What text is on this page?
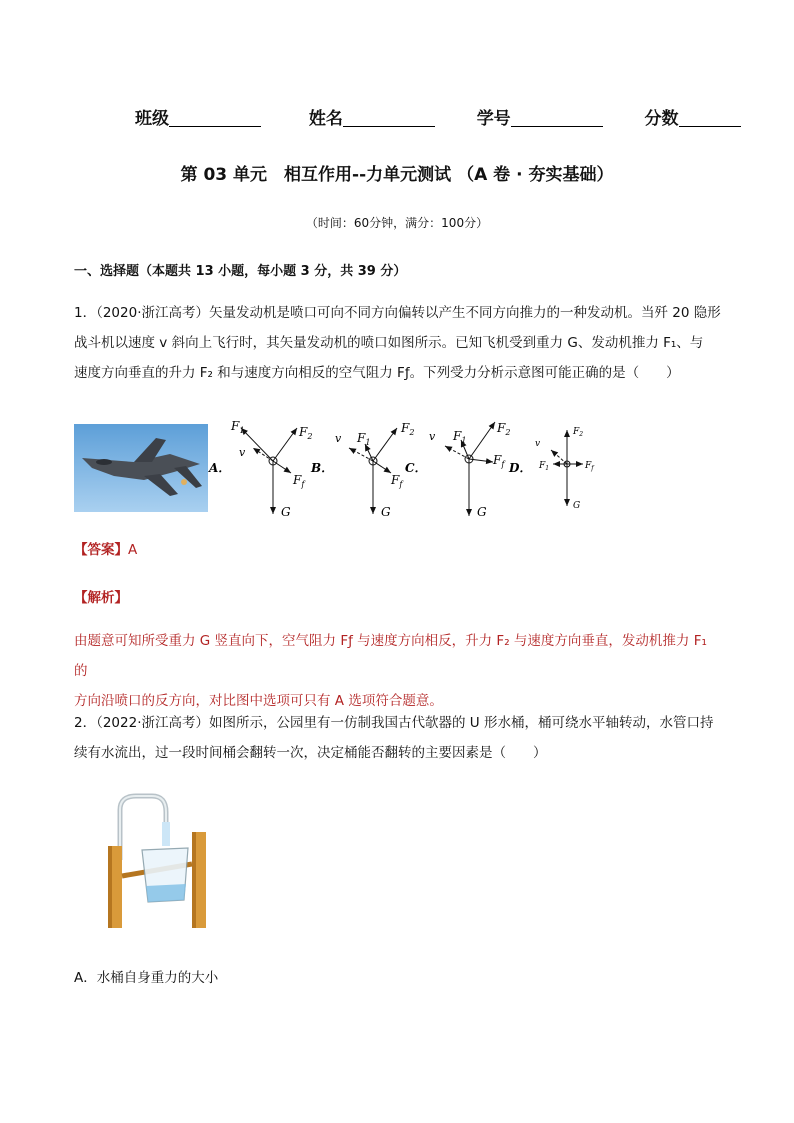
班级	姓名	学号	分数
第 03 单元　相互作用--力单元测试 （A 卷 · 夯实基础）
（时间：60分钟，满分：100分）
一、选择题（本题共 13 小题，每小题 3 分，共 39 分）
1．（2020·浙江高考）矢量发动机是喷口可向不同方向偏转以产生不同方向推力的一种发动机。当歼 20 隐形
战斗机以速度 v 斜向上飞行时，其矢量发动机的喷口如图所示。已知飞机受到重力 G、发动机推力 F₁、与
速度方向垂直的升力 F₂ 和与速度方向相反的空气阻力 Fƒ。下列受力分析示意图可能正确的是（　　）
A．
$F_1$	$F_2$
v
$F_f$
G
B．
$F_2$
$F_1$
v
$F_f$
G
C．
$F_2$
$F_1$
v
$F_f$
G
D．
$F_2$
$F_1$
v
$F_f$
G
【答案】A
【解析】
由题意可知所受重力 G 竖直向下，空气阻力 Fƒ 与速度方向相反，升力 F₂ 与速度方向垂直，发动机推力 F₁ 的
方向沿喷口的反方向，对比图中选项可只有 A 选项符合题意。
2．（2022·浙江高考）如图所示，公园里有一仿制我国古代欹器的 U 形水桶，桶可绕水平轴转动，水管口持
续有水流出，过一段时间桶会翻转一次，决定桶能否翻转的主要因素是（　　）
A．水桶自身重力的大小
